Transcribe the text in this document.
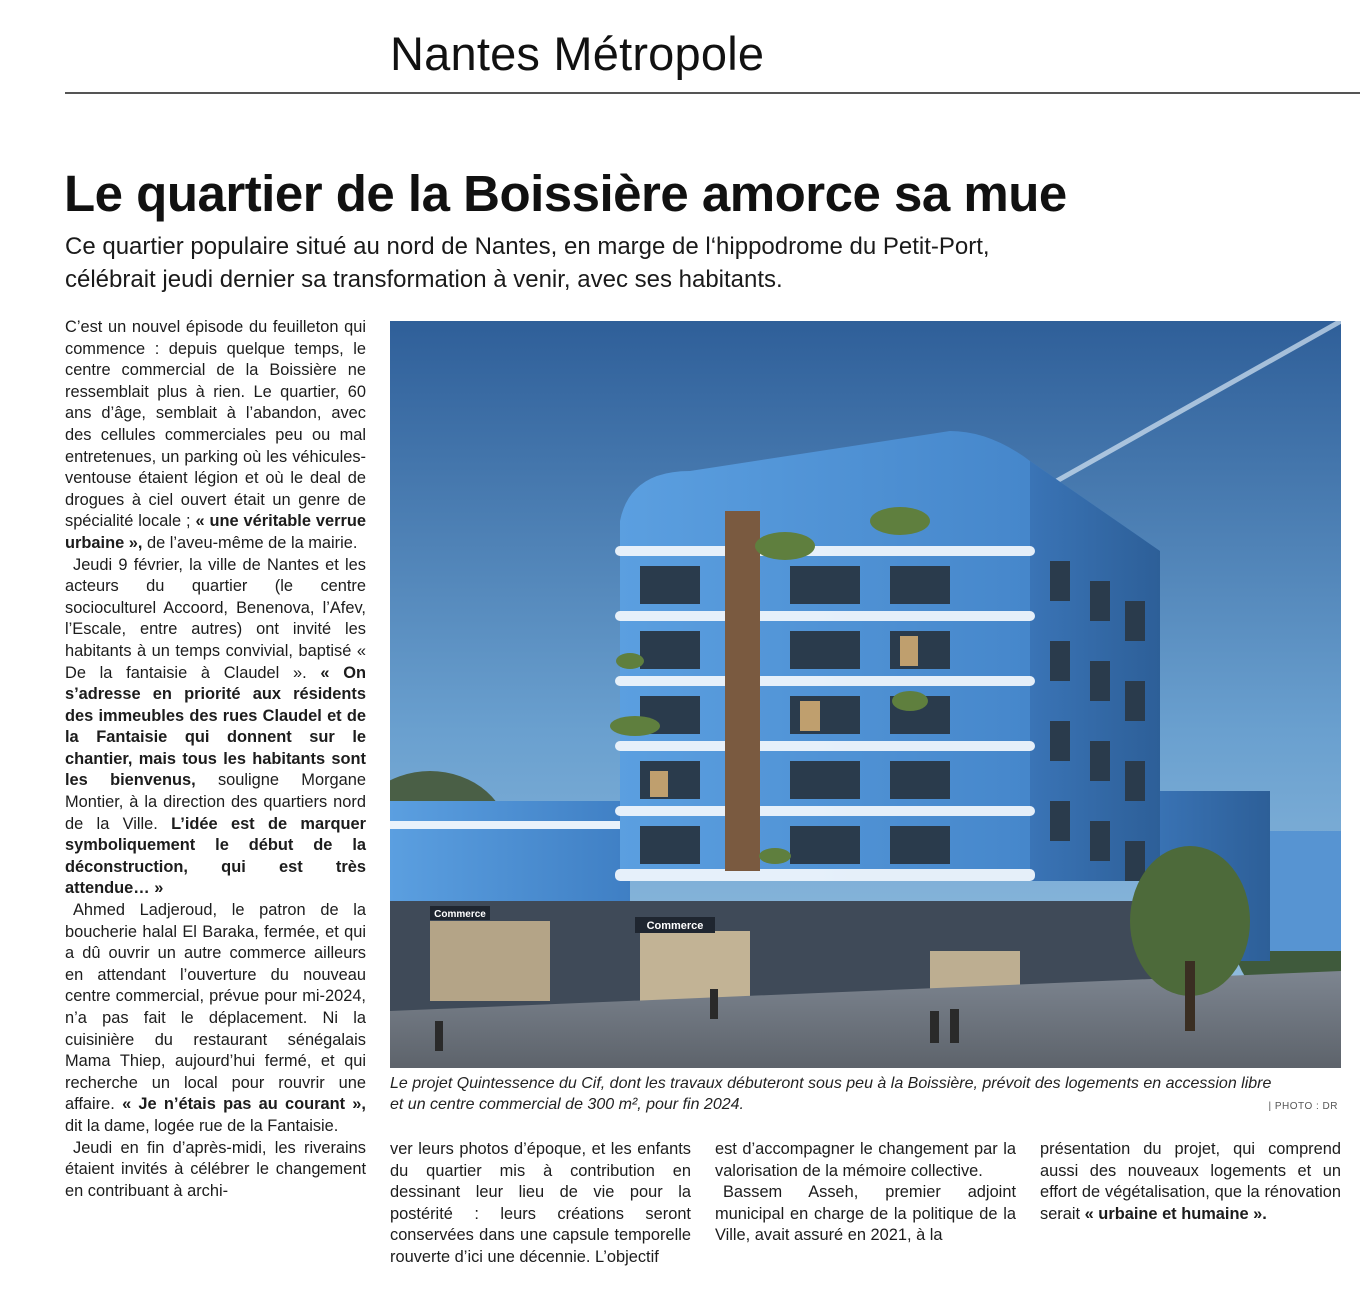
Nantes Métropole
Le quartier de la Boissière amorce sa mue
Ce quartier populaire situé au nord de Nantes, en marge de l‘hippodrome du Petit-Port,
célébrait jeudi dernier sa transformation à venir, avec ses habitants.

C’est un nouvel épisode du feuilleton qui commence : depuis quelque temps, le centre commercial de la Boissière ne ressemblait plus à rien. Le quartier, 60 ans d’âge, semblait à l’abandon, avec des cellules commerciales peu ou mal entretenues, un parking où les véhicules-ventouse étaient légion et où le deal de drogues à ciel ouvert était un genre de spécialité locale ; « une véritable verrue urbaine », de l’aveu-même de la mairie.

Jeudi 9 février, la ville de Nantes et les acteurs du quartier (le centre socioculturel Accoord, Benenova, l’Afev, l’Escale, entre autres) ont invité les habitants à un temps convivial, baptisé « De la fantaisie à Claudel ». « On s’adresse en priorité aux résidents des immeubles des rues Claudel et de la Fantaisie qui donnent sur le chantier, mais tous les habitants sont les bienvenus, souligne Morgane Montier, à la direction des quartiers nord de la Ville. L’idée est de marquer symboliquement le début de la déconstruction, qui est très attendue… »

Ahmed Ladjeroud, le patron de la boucherie halal El Baraka, fermée, et qui a dû ouvrir un autre commerce ailleurs en attendant l’ouverture du nouveau centre commercial, prévue pour mi-2024, n’a pas fait le déplacement. Ni la cuisinière du restaurant sénégalais Mama Thiep, aujourd’hui fermé, et qui recherche un local pour rouvrir une affaire. « Je n’étais pas au courant », dit la dame, logée rue de la Fantaisie.

Jeudi en fin d’après-midi, les riverains étaient invités à célébrer le changement en contribuant à archi-

Commerce
Commerce
Le projet Quintessence du Cif, dont les travaux débuteront sous peu à la Boissière, prévoit des logements en accession libre
et un centre commercial de 300 m², pour fin 2024.	| PHOTO : DR

ver leurs photos d’époque, et les enfants du quartier mis à contribution en dessinant leur lieu de vie pour la postérité : leurs créations seront conservées dans une capsule temporelle rouverte d’ici une décennie. L’objectif

est d’accompagner le changement par la valorisation de la mémoire collective.

Bassem Asseh, premier adjoint municipal en charge de la politique de la Ville, avait assuré en 2021, à la

présentation du projet, qui comprend aussi des nouveaux logements et un effort de végétalisation, que la rénovation serait « urbaine et humaine ».
